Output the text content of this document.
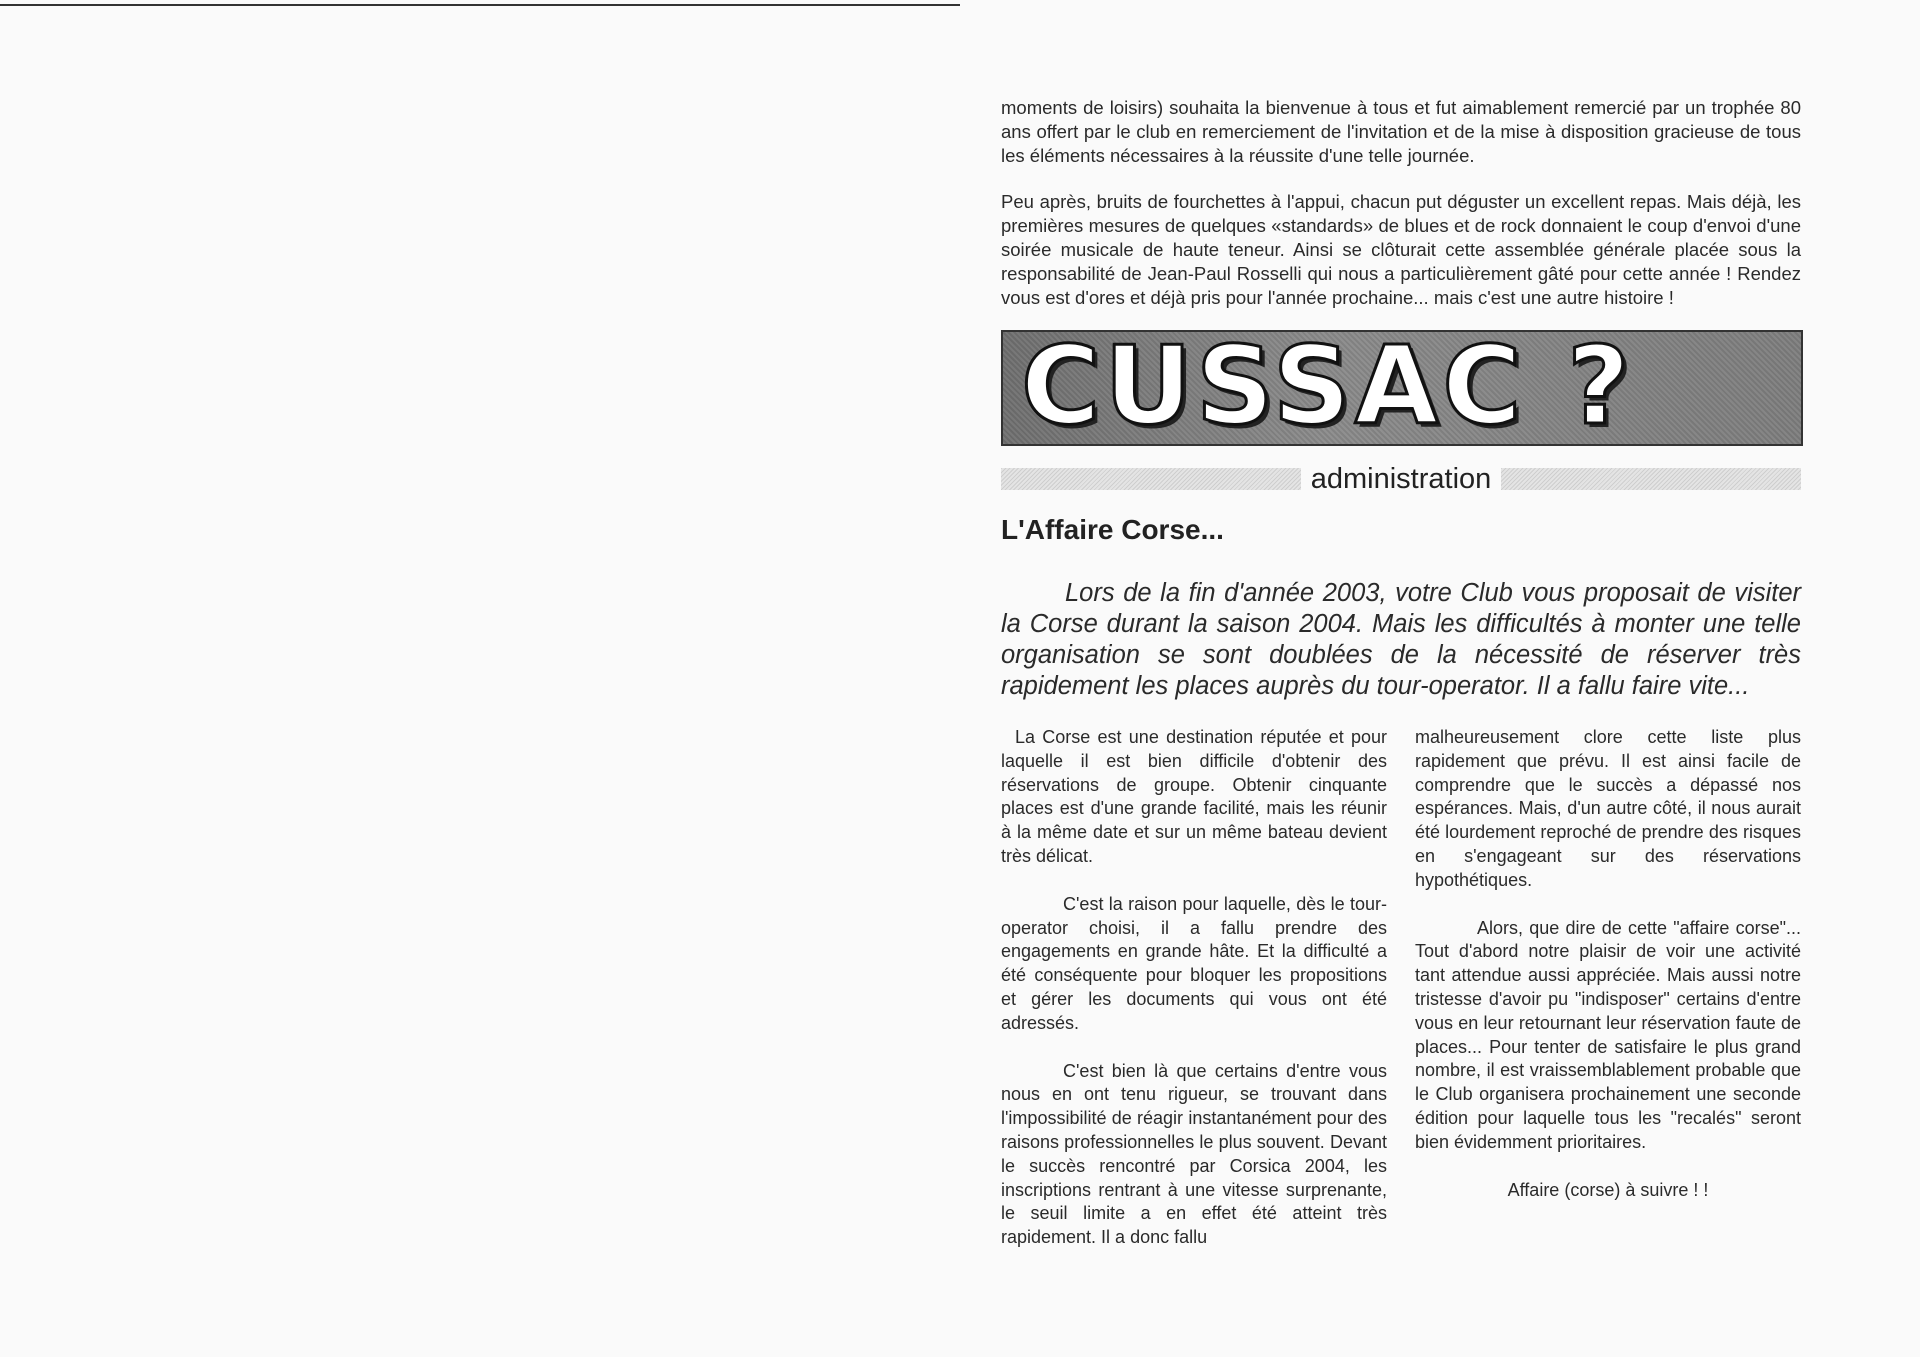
moments de loisirs) souhaita la bienvenue à tous et fut aimablement remercié par un trophée 80 ans offert par le club en remerciement de l'invitation et de la mise à disposition gracieuse de tous les éléments nécessaires à la réussite d'une telle journée.

Peu après, bruits de fourchettes à l'appui, chacun put déguster un excellent repas. Mais déjà, les premières mesures de quelques «standards» de blues et de rock donnaient le coup d'envoi d'une soirée musicale de haute teneur. Ainsi se clôturait cette assemblée générale placée sous la responsabilité de Jean-Paul Rosselli qui nous a particulièrement gâté pour cette année ! Rendez vous est d'ores et déjà pris pour l'année prochaine... mais c'est une autre histoire !

CUSSAC ?
administration
L'Affaire Corse...

Lors de la fin d'année 2003, votre Club vous proposait de visiter la Corse durant la saison 2004. Mais les difficultés à monter une telle organisation se sont doublées de la nécessité de réserver très rapidement les places auprès du tour-operator. Il a fallu faire vite...

La Corse est une destination réputée et pour laquelle il est bien difficile d'obtenir des réservations de groupe. Obtenir cinquante places est d'une grande facilité, mais les réunir à la même date et sur un même bateau devient très délicat.

C'est la raison pour laquelle, dès le tour-operator choisi, il a fallu prendre des engagements en grande hâte. Et la difficulté a été conséquente pour bloquer les propositions et gérer les documents qui vous ont été adressés.

C'est bien là que certains d'entre vous nous en ont tenu rigueur, se trouvant dans l'impossibilité de réagir instantanément pour des raisons professionnelles le plus souvent. Devant le succès rencontré par Corsica 2004, les inscriptions rentrant à une vitesse surprenante, le seuil limite a en effet été atteint très rapidement. Il a donc fallu

malheureusement clore cette liste plus rapidement que prévu. Il est ainsi facile de comprendre que le succès a dépassé nos espérances. Mais, d'un autre côté, il nous aurait été lourdement reproché de prendre des risques en s'engageant sur des réservations hypothétiques.

Alors, que dire de cette "affaire corse"... Tout d'abord notre plaisir de voir une activité tant attendue aussi appréciée. Mais aussi notre tristesse d'avoir pu "indisposer" certains d'entre vous en leur retournant leur réservation faute de places... Pour tenter de satisfaire le plus grand nombre, il est vraissemblablement probable que le Club organisera prochainement une seconde édition pour laquelle tous les "recalés" seront bien évidemment prioritaires.

Affaire (corse) à suivre ! !
